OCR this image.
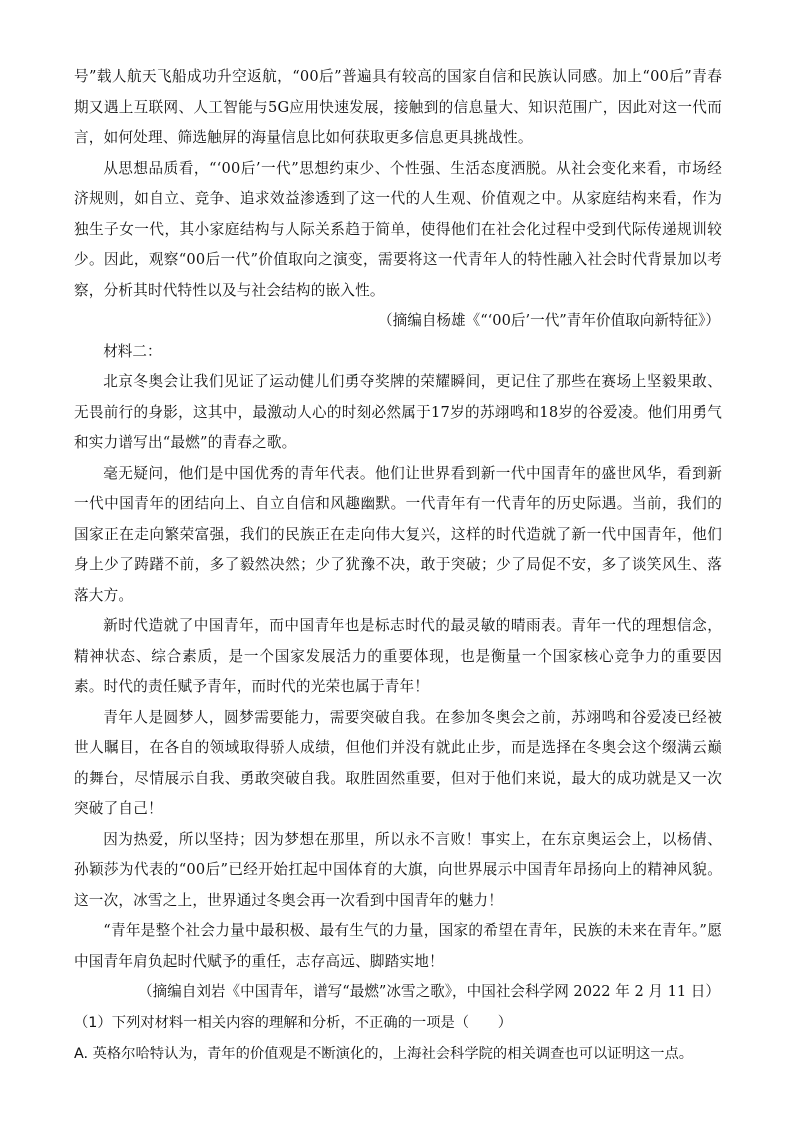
号”载人航天飞船成功升空返航，“00后”普遍具有较高的国家自信和民族认同感。加上“00后”青春期又遇上互联网、人工智能与5G应用快速发展，接触到的信息量大、知识范围广，因此对这一代而言，如何处理、筛选触屏的海量信息比如何获取更多信息更具挑战性。

从思想品质看，“‘00后’一代”思想约束少、个性强、生活态度洒脱。从社会变化来看，市场经济规则，如自立、竞争、追求效益渗透到了这一代的人生观、价值观之中。从家庭结构来看，作为独生子女一代，其小家庭结构与人际关系趋于简单，使得他们在社会化过程中受到代际传递规训较少。因此，观察“00后一代”价值取向之演变，需要将这一代青年人的特性融入社会时代背景加以考察，分析其时代特性以及与社会结构的嵌入性。

（摘编自杨雄《“‘00后’一代”青年价值取向新特征》）

材料二：

北京冬奥会让我们见证了运动健儿们勇夺奖牌的荣耀瞬间，更记住了那些在赛场上坚毅果敢、无畏前行的身影，这其中，最激动人心的时刻必然属于17岁的苏翊鸣和18岁的谷爱凌。他们用勇气和实力谱写出“最燃”的青春之歌。

毫无疑问，他们是中国优秀的青年代表。他们让世界看到新一代中国青年的盛世风华，看到新一代中国青年的团结向上、自立自信和风趣幽默。一代青年有一代青年的历史际遇。当前，我们的国家正在走向繁荣富强，我们的民族正在走向伟大复兴，这样的时代造就了新一代中国青年，他们身上少了踌躇不前，多了毅然决然；少了犹豫不决，敢于突破；少了局促不安，多了谈笑风生、落落大方。

新时代造就了中国青年，而中国青年也是标志时代的最灵敏的晴雨表。青年一代的理想信念，精神状态、综合素质，是一个国家发展活力的重要体现，也是衡量一个国家核心竞争力的重要因素。时代的责任赋予青年，而时代的光荣也属于青年！

青年人是圆梦人，圆梦需要能力，需要突破自我。在参加冬奥会之前，苏翊鸣和谷爱凌已经被世人瞩目，在各自的领域取得骄人成绩，但他们并没有就此止步，而是选择在冬奥会这个缀满云巅的舞台，尽情展示自我、勇敢突破自我。取胜固然重要，但对于他们来说，最大的成功就是又一次突破了自己！

因为热爱，所以坚持；因为梦想在那里，所以永不言败！事实上，在东京奥运会上，以杨倩、孙颖莎为代表的“00后”已经开始扛起中国体育的大旗，向世界展示中国青年昂扬向上的精神风貌。这一次，冰雪之上，世界通过冬奥会再一次看到中国青年的魅力！

“青年是整个社会力量中最积极、最有生气的力量，国家的希望在青年，民族的未来在青年。”愿中国青年肩负起时代赋予的重任，志存高远、脚踏实地！

（摘编自刘岩《中国青年，谱写“最燃”冰雪之歌》，中国社会科学网 2022 年 2 月 11 日）

（1）下列对材料一相关内容的理解和分析，不正确的一项是（　　）

A. 英格尔哈特认为，青年的价值观是不断演化的，上海社会科学院的相关调查也可以证明这一点。
